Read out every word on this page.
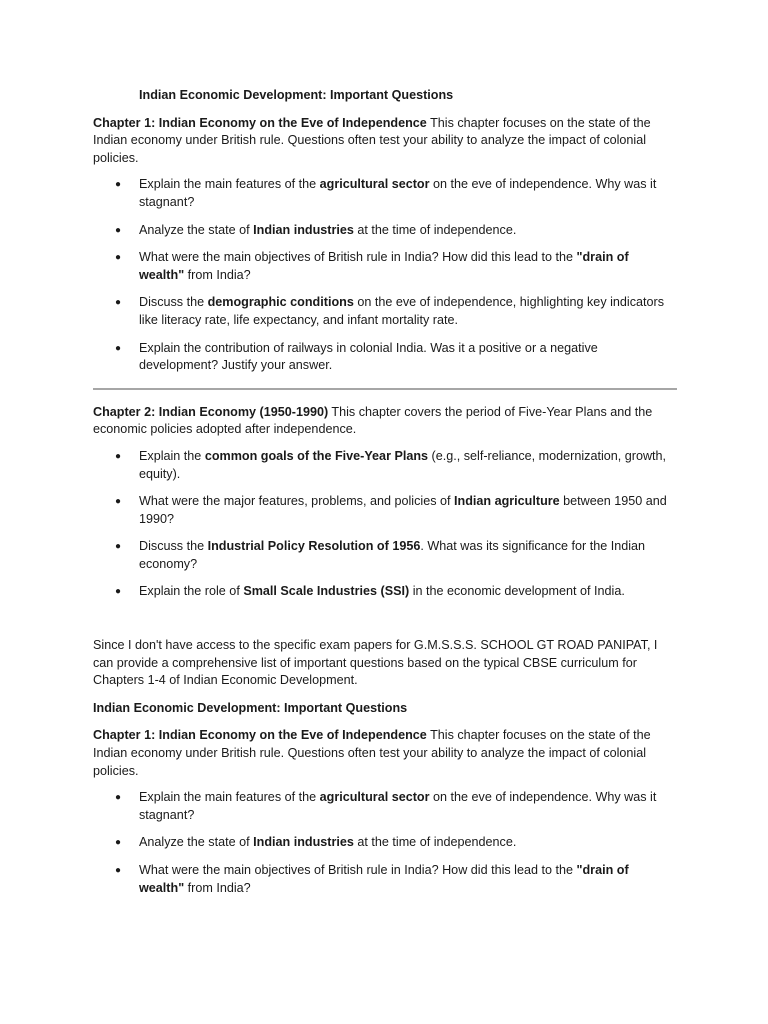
Indian Economic Development: Important Questions

Chapter 1: Indian Economy on the Eve of Independence This chapter focuses on the state of the Indian economy under British rule. Questions often test your ability to analyze the impact of colonial policies.

● Explain the main features of the agricultural sector on the eve of independence. Why was it stagnant?
● Analyze the state of Indian industries at the time of independence.
● What were the main objectives of British rule in India? How did this lead to the "drain of wealth" from India?
● Discuss the demographic conditions on the eve of independence, highlighting key indicators like literacy rate, life expectancy, and infant mortality rate.
● Explain the contribution of railways in colonial India. Was it a positive or a negative development? Justify your answer.

Chapter 2: Indian Economy (1950-1990) This chapter covers the period of Five-Year Plans and the economic policies adopted after independence.

● Explain the common goals of the Five-Year Plans (e.g., self-reliance, modernization, growth, equity).
● What were the major features, problems, and policies of Indian agriculture between 1950 and 1990?
● Discuss the Industrial Policy Resolution of 1956. What was its significance for the Indian economy?
● Explain the role of Small Scale Industries (SSI) in the economic development of India.

Since I don't have access to the specific exam papers for G.M.S.S.S. SCHOOL GT ROAD PANIPAT, I can provide a comprehensive list of important questions based on the typical CBSE curriculum for Chapters 1-4 of Indian Economic Development.

Indian Economic Development: Important Questions

Chapter 1: Indian Economy on the Eve of Independence This chapter focuses on the state of the Indian economy under British rule. Questions often test your ability to analyze the impact of colonial policies.

● Explain the main features of the agricultural sector on the eve of independence. Why was it stagnant?
● Analyze the state of Indian industries at the time of independence.
● What were the main objectives of British rule in India? How did this lead to the "drain of wealth" from India?
